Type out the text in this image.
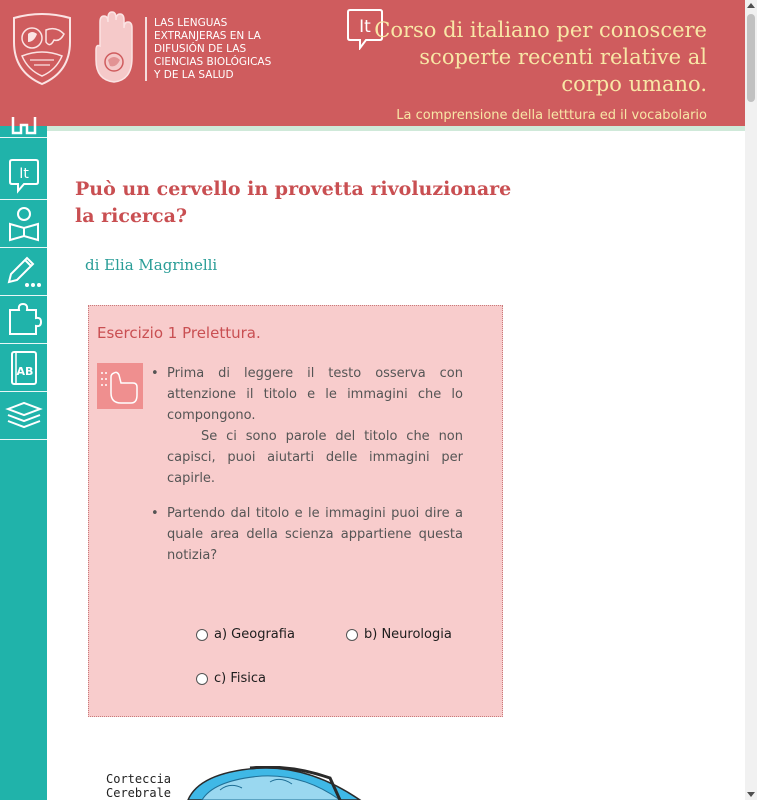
LAS LENGUAS
EXTRANJERAS EN LA
DIFUSIÓN DE LAS
CIENCIAS BIOLÓGICAS
Y DE LA SALUD
It Corso di italiano per conoscere scoperte recenti relative al corpo umano.
La comprensione della letttura ed il vocabolario
It
AB
Può un cervello in provetta rivoluzionare la ricerca?
di Elia Magrinelli
Esercizio 1 Prelettura.
• Prima di leggere il testo osserva con attenzione il titolo e le immagini che lo compongono.
Se ci sono parole del titolo che non capisci, puoi aiutarti delle immagini per capirle.
• Partendo dal titolo e le immagini puoi dire a quale area della scienza appartiene questa notizia?
a) Geografia	b) Neurologia
c) Fisica
Corteccia
Cerebrale
